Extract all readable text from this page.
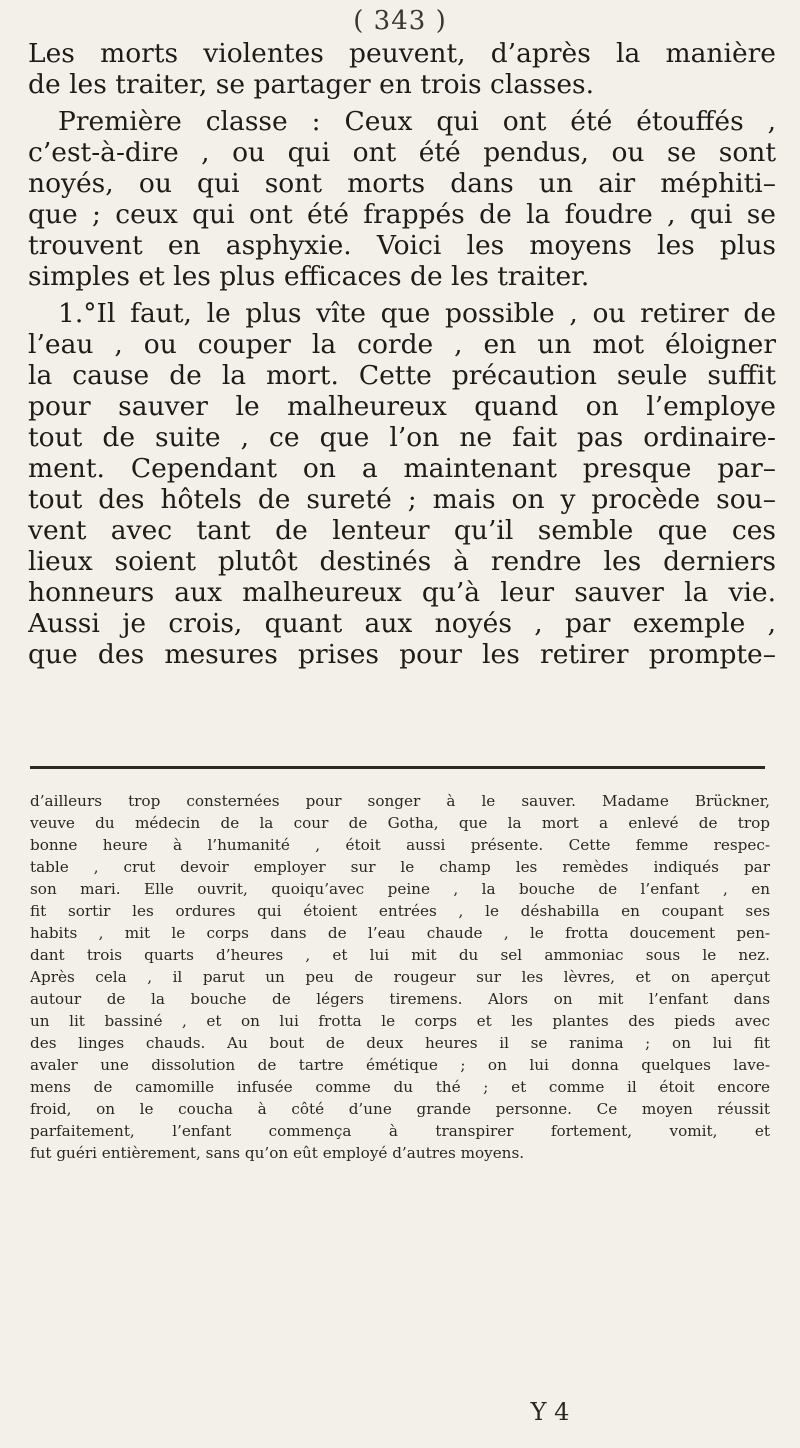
( 343 )
Les morts violentes peuvent, d’après la manière
de les traiter, se partager en trois classes.
Première classe : Ceux qui ont été étouffés ,
c’est-à-dire , ou qui ont été pendus, ou se sont
noyés, ou qui sont morts dans un air méphiti–
que ; ceux qui ont été frappés de la foudre , qui se
trouvent en asphyxie. Voici les moyens les plus
simples et les plus efficaces de les traiter.
1.°Il faut, le plus vîte que possible , ou retirer de
l’eau , ou couper la corde , en un mot éloigner
la cause de la mort. Cette précaution seule suffit
pour sauver le malheureux quand on l’employe
tout de suite , ce que l’on ne fait pas ordinaire-
ment. Cependant on a maintenant presque par–
tout des hôtels de sureté ; mais on y procède sou–
vent avec tant de lenteur qu’il semble que ces
lieux soient plutôt destinés à rendre les derniers
honneurs aux malheureux qu’à leur sauver la vie.
Aussi je crois, quant aux noyés , par exemple ,
que des mesures prises pour les retirer prompte–
d’ailleurs trop consternées pour songer à le sauver. Madame Brückner,
veuve du médecin de la cour de Gotha, que la mort a enlevé de trop
bonne heure à l’humanité , étoit aussi présente. Cette femme respec-
table , crut devoir employer sur le champ les remèdes indiqués par
son mari. Elle ouvrit, quoiqu’avec peine , la bouche de l’enfant , en
fit sortir les ordures qui étoient entrées , le déshabilla en coupant ses
habits , mit le corps dans de l’eau chaude , le frotta doucement pen-
dant trois quarts d’heures , et lui mit du sel ammoniac sous le nez.
Après cela , il parut un peu de rougeur sur les lèvres, et on aperçut
autour de la bouche de légers tiremens. Alors on mit l’enfant dans
un lit bassiné , et on lui frotta le corps et les plantes des pieds avec
des linges chauds. Au bout de deux heures il se ranima ; on lui fit
avaler une dissolution de tartre émétique ; on lui donna quelques lave-
mens de camomille infusée comme du thé ; et comme il étoit encore
froid, on le coucha à côté d’une grande personne. Ce moyen réussit
parfaitement, l’enfant commença à transpirer fortement, vomit, et
fut guéri entièrement, sans qu’on eût employé d’autres moyens.
Y 4
